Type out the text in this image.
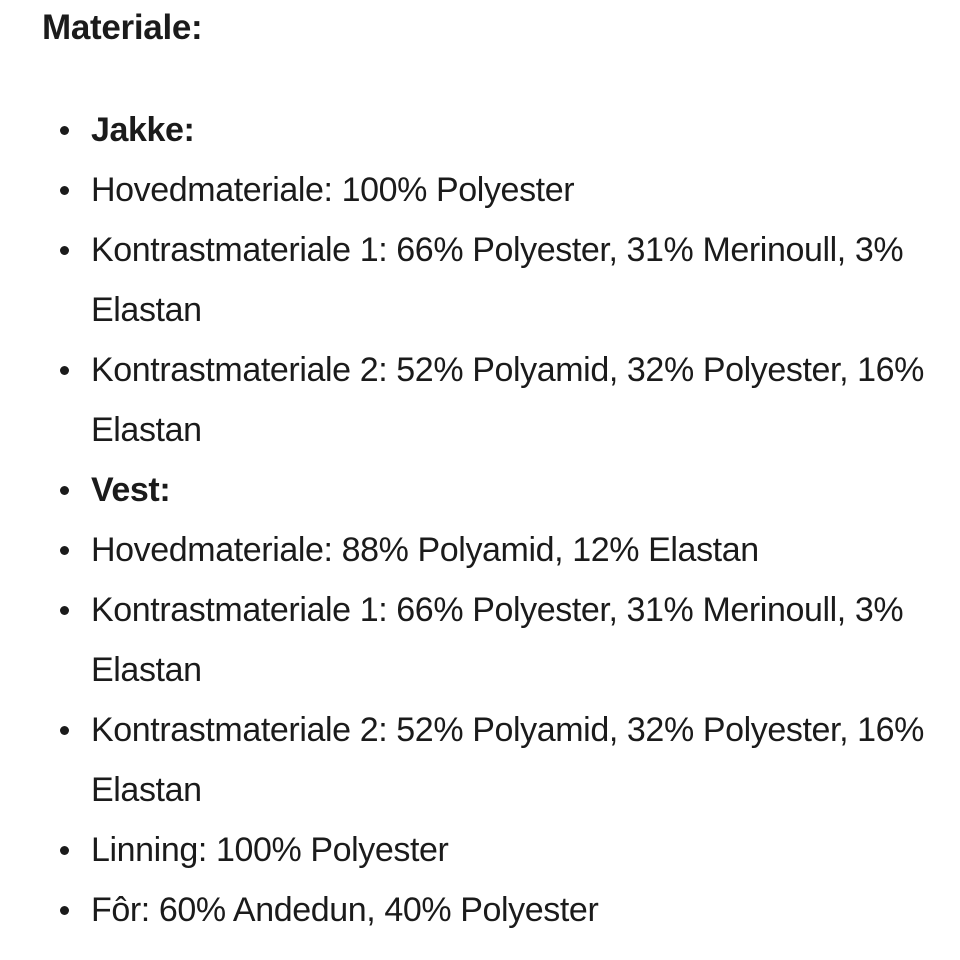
Materiale:
Jakke:
Hovedmateriale: 100% Polyester
Kontrastmateriale 1: 66% Polyester, 31% Merinoull, 3% Elastan
Kontrastmateriale 2: 52% Polyamid, 32% Polyester, 16% Elastan
Vest:
Hovedmateriale: 88% Polyamid, 12% Elastan
Kontrastmateriale 1: 66% Polyester, 31% Merinoull, 3% Elastan
Kontrastmateriale 2: 52% Polyamid, 32% Polyester, 16% Elastan
Linning: 100% Polyester
Fôr: 60% Andedun, 40% Polyester
